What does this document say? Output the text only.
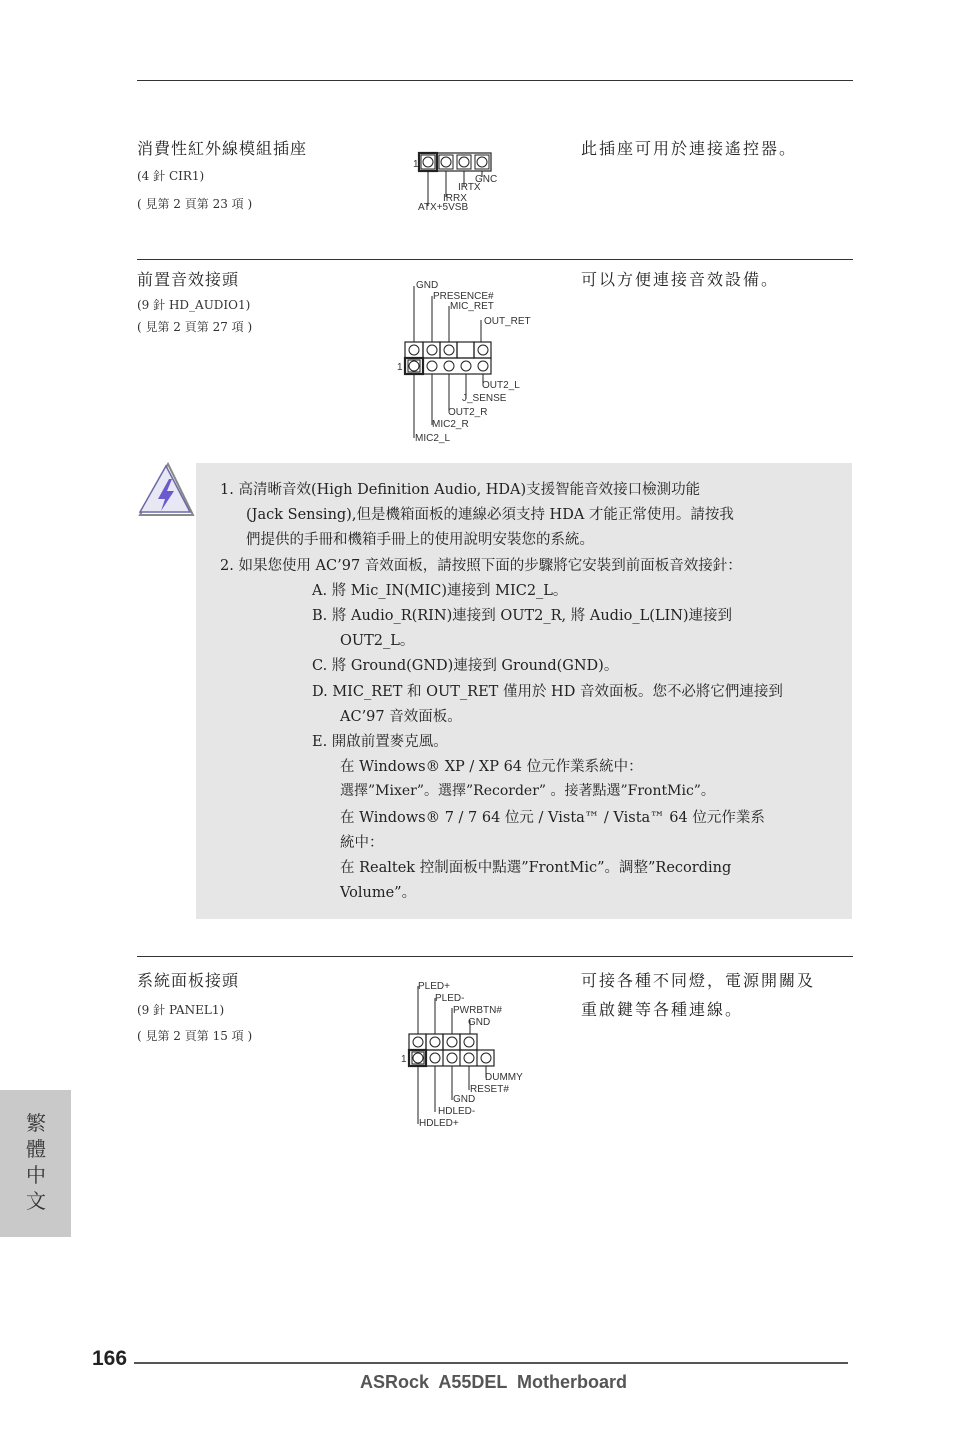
消費性紅外線模組插座
(4 針 CIR1)
( 見第 2 頁第 23 項 )
此插座可用於連接遙控器。
1
GNC
IRTX
IRRX
ATX+5VSB
前置音效接頭
(9 針 HD_AUDIO1)
( 見第 2 頁第 27 項 )
可以方便連接音效設備。
GND
PRESENCE#
MIC_RET
OUT_RET
1
OUT2_L
J_SENSE
OUT2_R
MIC2_R
MIC2_L
1. 高清晰音效(High Definition Audio, HDA)支援智能音效接口檢測功能
(Jack Sensing),但是機箱面板的連線必須支持 HDA 才能正常使用。請按我
們提供的手冊和機箱手冊上的使用說明安裝您的系統。
2. 如果您使用 AC’97 音效面板，請按照下面的步驟將它安裝到前面板音效接針：
A. 將 Mic_IN(MIC)連接到 MIC2_L。
B. 將 Audio_R(RIN)連接到 OUT2_R, 將 Audio_L(LIN)連接到
OUT2_L。
C. 將 Ground(GND)連接到 Ground(GND)。
D. MIC_RET 和 OUT_RET 僅用於 HD 音效面板。您不必將它們連接到
AC’97 音效面板。
E. 開啟前置麥克風。
在 Windows® XP / XP 64 位元作業系統中：
選擇”Mixer”。選擇”Recorder” 。接著點選”FrontMic”。
在 Windows® 7 / 7 64 位元 / Vista™ / Vista™ 64 位元作業系
統中：
在 Realtek 控制面板中點選”FrontMic”。調整”Recording
Volume”。
系統面板接頭
(9 針 PANEL1)
( 見第 2 頁第 15 項 )
可接各種不同燈，電源開關及
重啟鍵等各種連線。
PLED+
PLED-
PWRBTN#
GND
1
DUMMY
RESET#
GND
HDLED-
HDLED+
繁體中文
166
ASRock  A55DEL  Motherboard
